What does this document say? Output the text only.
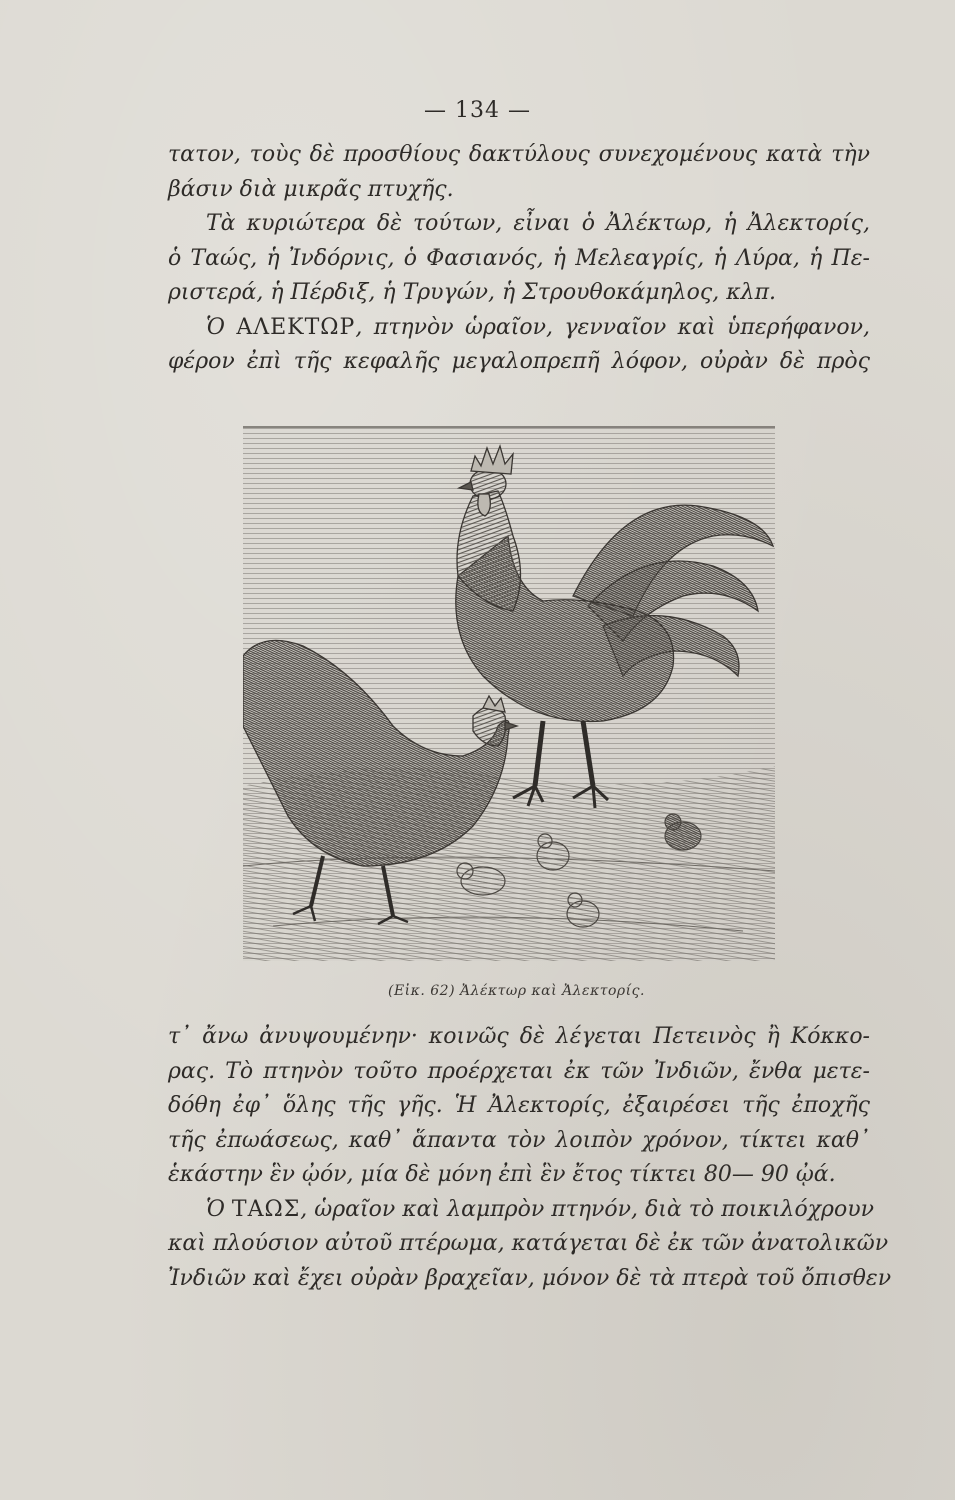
— 134 —
τατον, τοὺς δὲ προσθίους δακτύλους συνεχομένους κατὰ τὴν
βάσιν διὰ μικρᾶς πτυχῆς.
Τὰ κυριώτερα δὲ τούτων, εἶναι ὁ Ἀλέκτωρ, ἡ Ἀλεκτορίς,
ὁ Ταώς, ἡ Ἰνδόρνις, ὁ Φασιανός, ἡ Μελεαγρίς, ἡ Λύρα, ἡ Πε-
ριστερά, ἡ Πέρδιξ, ἡ Τρυγών, ἡ Στρουθοκάμηλος, κλπ.
Ὁ ΑΛΕΚΤΩΡ, πτηνὸν ὡραῖον, γενναῖον καὶ ὑπερήφανον,
φέρον ἐπὶ τῆς κεφαλῆς μεγαλοπρεπῆ λόφον, οὐρὰν δὲ πρὸς
(Εἰκ. 62) Ἀλέκτωρ καὶ Ἀλεκτορίς.
τ᾽ ἄνω ἀνυψουμένην· κοινῶς δὲ λέγεται Πετεινὸς ἢ Κόκκο-
ρας. Τὸ πτηνὸν τοῦτο προέρχεται ἐκ τῶν Ἰνδιῶν, ἔνθα μετε-
δόθη ἐφ᾽ ὅλης τῆς γῆς. Ἡ Ἀλεκτορίς, ἐξαιρέσει τῆς ἐποχῆς
τῆς ἐπωάσεως, καθ᾽ ἅπαντα τὸν λοιπὸν χρόνον, τίκτει καθ᾽
ἑκάστην ἓν ᾠόν, μία δὲ μόνη ἐπὶ ἓν ἔτος τίκτει 80— 90 ᾠά.
Ὁ ΤΑΩΣ, ὡραῖον καὶ λαμπρὸν πτηνόν, διὰ τὸ ποικιλόχρουν
καὶ πλούσιον αὐτοῦ πτέρωμα, κατάγεται δὲ ἐκ τῶν ἀνατολικῶν
Ἰνδιῶν καὶ ἔχει οὐρὰν βραχεῖαν, μόνον δὲ τὰ πτερὰ τοῦ ὄπισθεν
